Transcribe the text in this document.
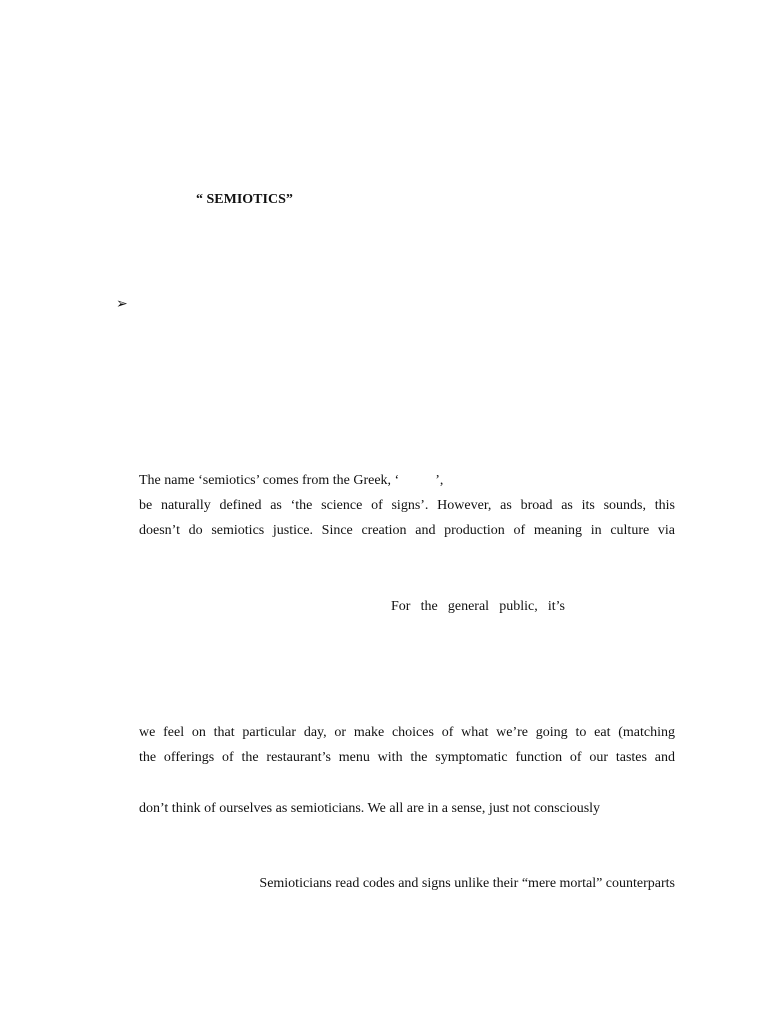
“ SEMIOTICS”
➢
The name ‘semiotics’ comes from the Greek, ‘	’,
be naturally defined as ‘the science of signs’. However, as broad as its sounds, this
doesn’t do semiotics justice. Since creation and production of meaning in culture via
For the general public, it’s
we feel on that particular day, or make choices of what we’re going to eat (matching
the offerings of the restaurant’s menu with the symptomatic function of our tastes and
don’t think of ourselves as semioticians. We all are in a sense, just not consciously
Semioticians read codes and signs unlike their “mere mortal” counterparts
